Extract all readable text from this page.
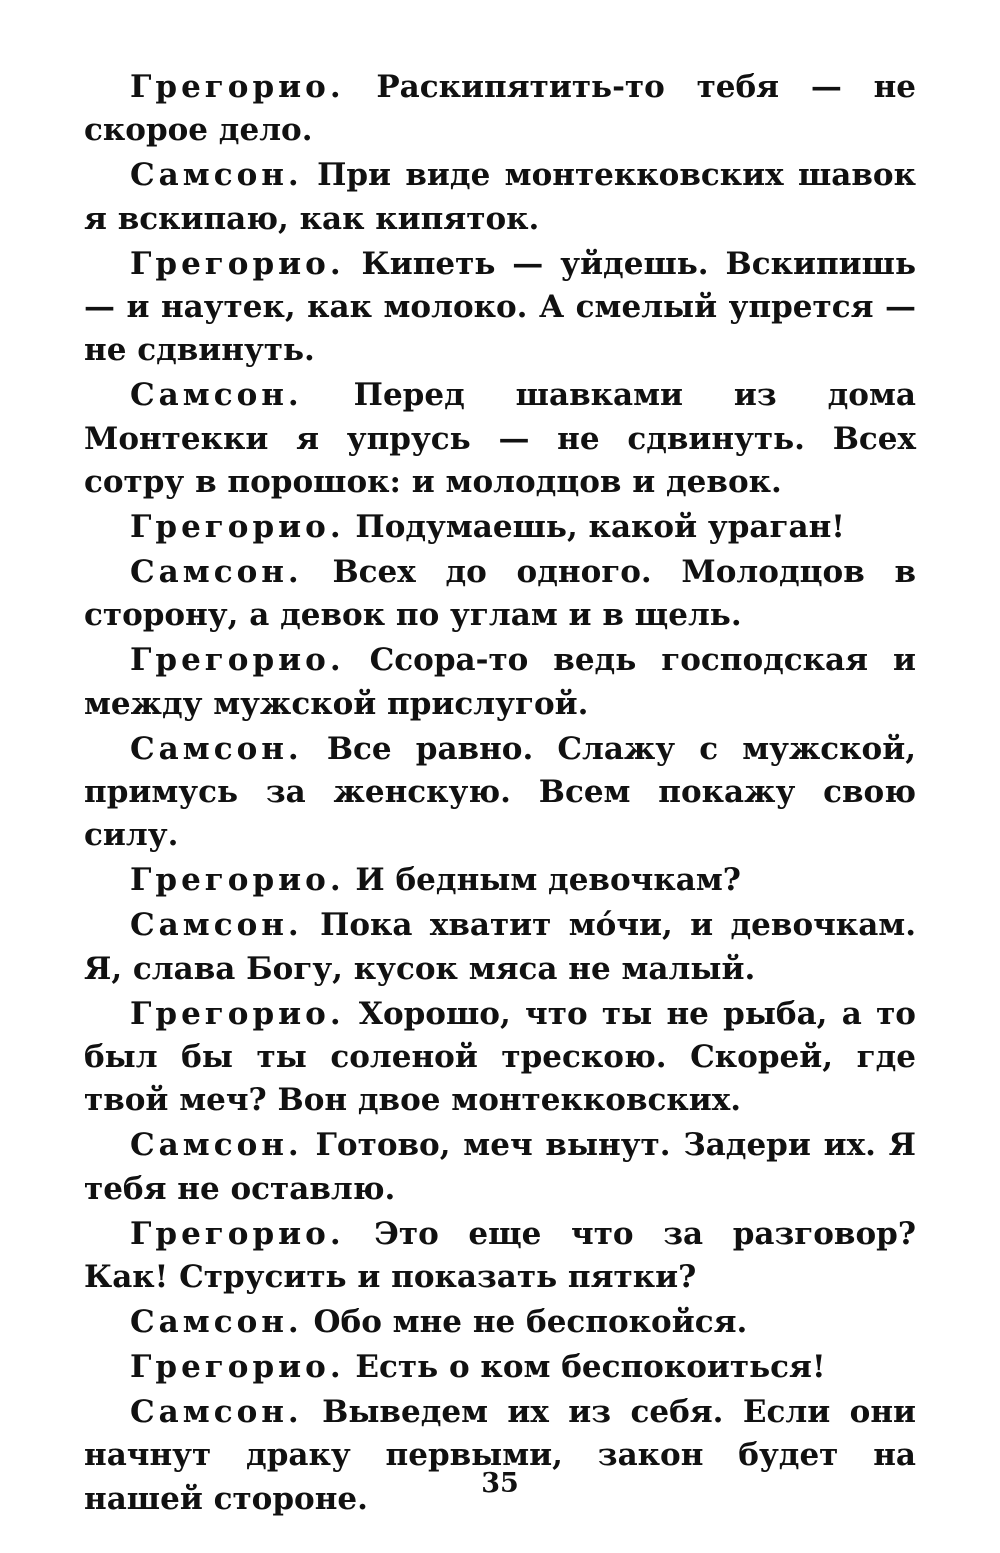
Грегорио. Раскипятить-то тебя — не скорое дело.

Самсон. При виде монтекковских шавок я вскипаю, как кипяток.

Грегорио. Кипеть — уйдешь. Вскипишь — и наутек, как молоко. А смелый упрется — не сдвинуть.

Самсон. Перед шавками из дома Монтекки я упрусь — не сдвинуть. Всех сотру в порошок: и молодцов и девок.

Грегорио. Подумаешь, какой ураган!

Самсон. Всех до одного. Молодцов в сторону, а девок по углам и в щель.

Грегорио. Ссора-то ведь господская и между мужской прислугой.

Самсон. Все равно. Слажу с мужской, примусь за женскую. Всем покажу свою силу.

Грегорио. И бедным девочкам?

Самсон. Пока хватит мо́чи, и девочкам. Я, слава Богу, кусок мяса не малый.

Грегорио. Хорошо, что ты не рыба, а то был бы ты соленой трескою. Скорей, где твой меч? Вон двое монтекковских.

Самсон. Готово, меч вынут. Задери их. Я тебя не оставлю.

Грегорио. Это еще что за разговор? Как! Струсить и показать пятки?

Самсон. Обо мне не беспокойся.

Грегорио. Есть о ком беспокоиться!

Самсон. Выведем их из себя. Если они начнут драку первыми, закон будет на нашей стороне.	35
